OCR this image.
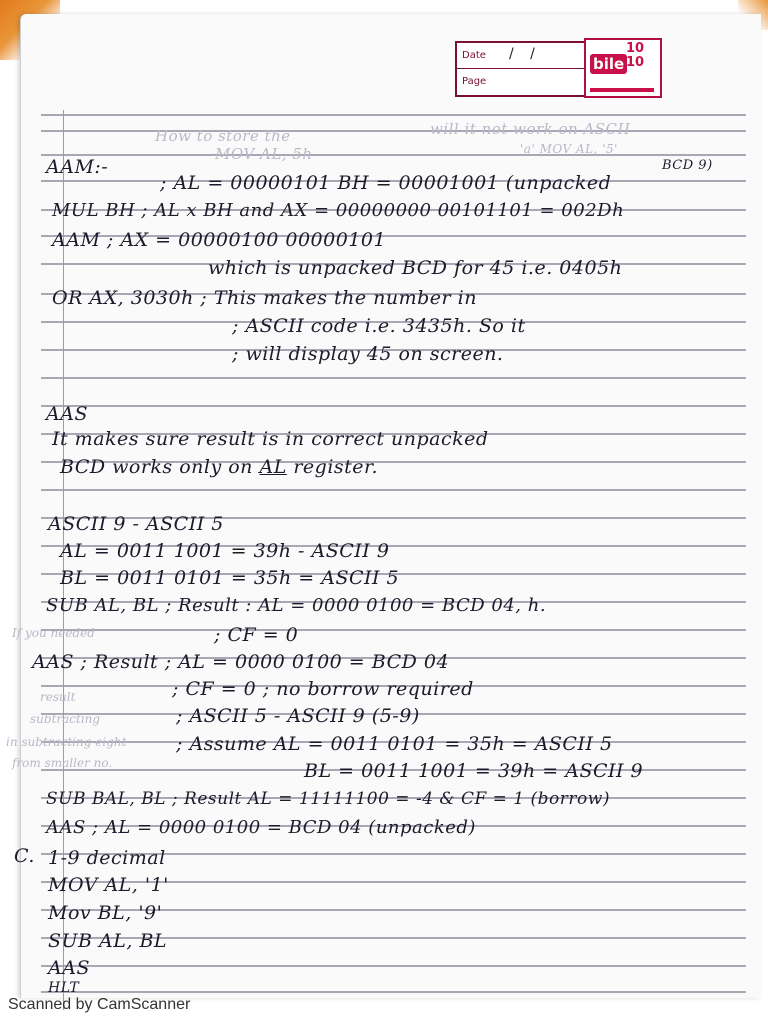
Date / /
Page
bile
10
10
How to store the
MOV AL, 5h
will it not work on ASCII
'a' MOV AL, '5'
If you needed
result
subtracting
in subtracting eight
from smaller no.
AAM:-
; AL = 00000101 BH = 00001001 (unpacked
BCD 9)
MUL BH ; AL x BH and AX = 00000000 00101101 = 002Dh
AAM ; AX = 00000100 00000101
which is unpacked BCD for 45 i.e. 0405h
OR AX, 3030h ; This makes the number in
; ASCII code i.e. 3435h. So it
; will display 45 on screen.
AAS
It makes sure result is in correct unpacked
BCD works only on AL register.
ASCII 9 - ASCII 5
AL = 0011 1001 = 39h - ASCII 9
BL = 0011 0101 = 35h = ASCII 5
SUB AL, BL ; Result : AL = 0000 0100 = BCD 04, h.
; CF = 0
AAS ; Result ; AL = 0000 0100 = BCD 04
; CF = 0 ; no borrow required
; ASCII 5 - ASCII 9 (5-9)
; Assume AL = 0011 0101 = 35h = ASCII 5
BL = 0011 1001 = 39h = ASCII 9
SUB BAL, BL ; Result AL = 11111100 = -4 & CF = 1 (borrow)
AAS ; AL = 0000 0100 = BCD 04 (unpacked)
C. 1-9 decimal
MOV AL, '1'
Mov BL, '9'
SUB AL, BL
AAS
HLT
Scanned by CamScanner
